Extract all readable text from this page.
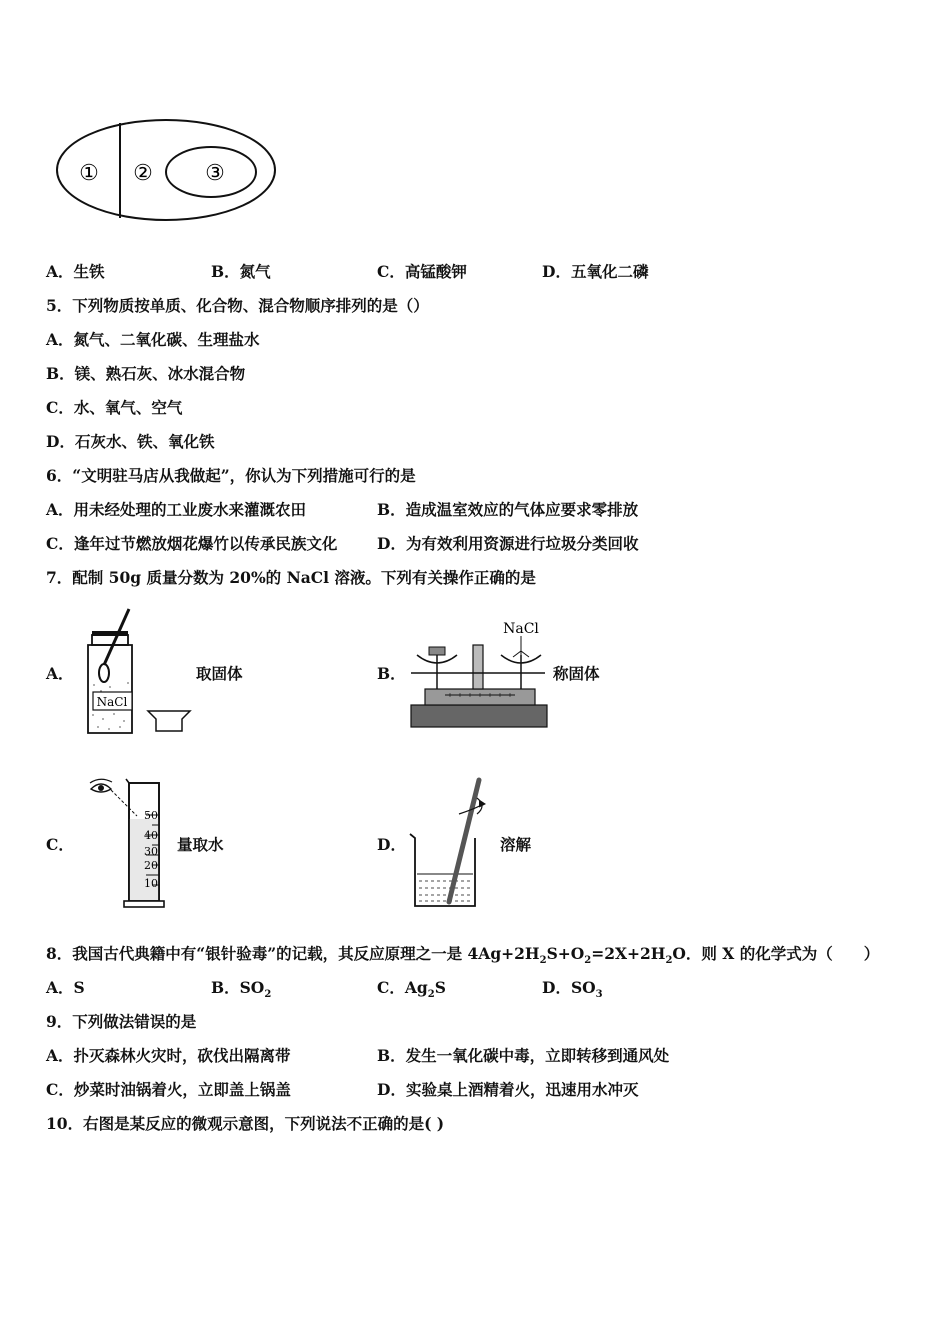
① ② ③
A．生铁	B．氮气	C．高锰酸钾	D．五氧化二磷
5．下列物质按单质、化合物、混合物顺序排列的是（）
A．氮气、二氧化碳、生理盐水
B．镁、熟石灰、冰水混合物
C．水、氧气、空气
D．石灰水、铁、氧化铁
6．“文明驻马店从我做起”，你认为下列措施可行的是
A．用未经处理的工业废水来灌溉农田	B．造成温室效应的气体应要求零排放
C．逢年过节燃放烟花爆竹以传承民族文化	D．为有效利用资源进行垃圾分类回收
7．配制 50g 质量分数为 20%的 NaCl 溶液。下列有关操作正确的是
A．	取固体	B．	称固体
C．	量取水	D．	溶解
NaCl
NaCl
50
40
30
20
10
8．我国古代典籍中有“银针验毒”的记载，其反应原理之一是 $4Ag+2H_2S+O_2=2X+2H_2O$．则 X 的化学式为（　　）
A．S	B．$SO_2$	C．$Ag_2S$	D．$SO_3$
9．下列做法错误的是
A．扑灭森林火灾时，砍伐出隔离带	B．发生一氧化碳中毒，立即转移到通风处
C．炒菜时油锅着火，立即盖上锅盖	D．实验桌上酒精着火，迅速用水冲灭
10．右图是某反应的微观示意图，下列说法不正确的是( )
